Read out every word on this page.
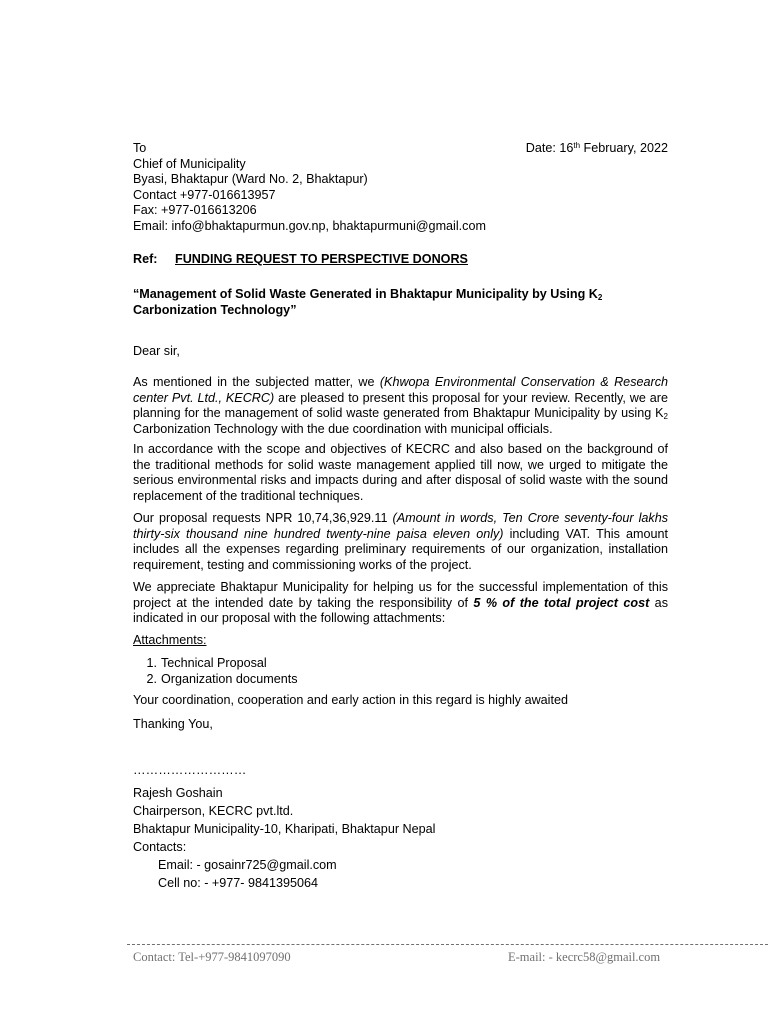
To
Chief of Municipality
Byasi, Bhaktapur (Ward No. 2, Bhaktapur)
Contact +977-016613957
Fax: +977-016613206
Email: info@bhaktapurmun.gov.np, bhaktapurmuni@gmail.com
Date: 16th February, 2022
Ref: FUNDING REQUEST TO PERSPECTIVE DONORS
“Management of Solid Waste Generated in Bhaktapur Municipality by Using $K_2$
Carbonization Technology”
Dear sir,
As mentioned in the subjected matter, we (Khwopa Environmental Conservation & Research center Pvt. Ltd., KECRC) are pleased to present this proposal for your review. Recently, we are planning for the management of solid waste generated from Bhaktapur Municipality by using $K_2$ Carbonization Technology with the due coordination with municipal officials.
In accordance with the scope and objectives of KECRC and also based on the background of the traditional methods for solid waste management applied till now, we urged to mitigate the serious environmental risks and impacts during and after disposal of solid waste with the sound replacement of the traditional techniques.
Our proposal requests NPR 10,74,36,929.11 (Amount in words, Ten Crore seventy-four lakhs thirty-six thousand nine hundred twenty-nine paisa eleven only) including VAT. This amount includes all the expenses regarding preliminary requirements of our organization, installation requirement, testing and commissioning works of the project.
We appreciate Bhaktapur Municipality for helping us for the successful implementation of this project at the intended date by taking the responsibility of 5 % of the total project cost as indicated in our proposal with the following attachments:
Attachments:
1. Technical Proposal
2. Organization documents
Your coordination, cooperation and early action in this regard is highly awaited
Thanking You,
………………………
Rajesh Goshain
Chairperson, KECRC pvt.ltd.
Bhaktapur Municipality-10, Kharipati, Bhaktapur Nepal
Contacts:
Email: - gosainr725@gmail.com
Cell no: - +977- 9841395064
Contact: Tel-+977-9841097090	E-mail: - kecrc58@gmail.com
